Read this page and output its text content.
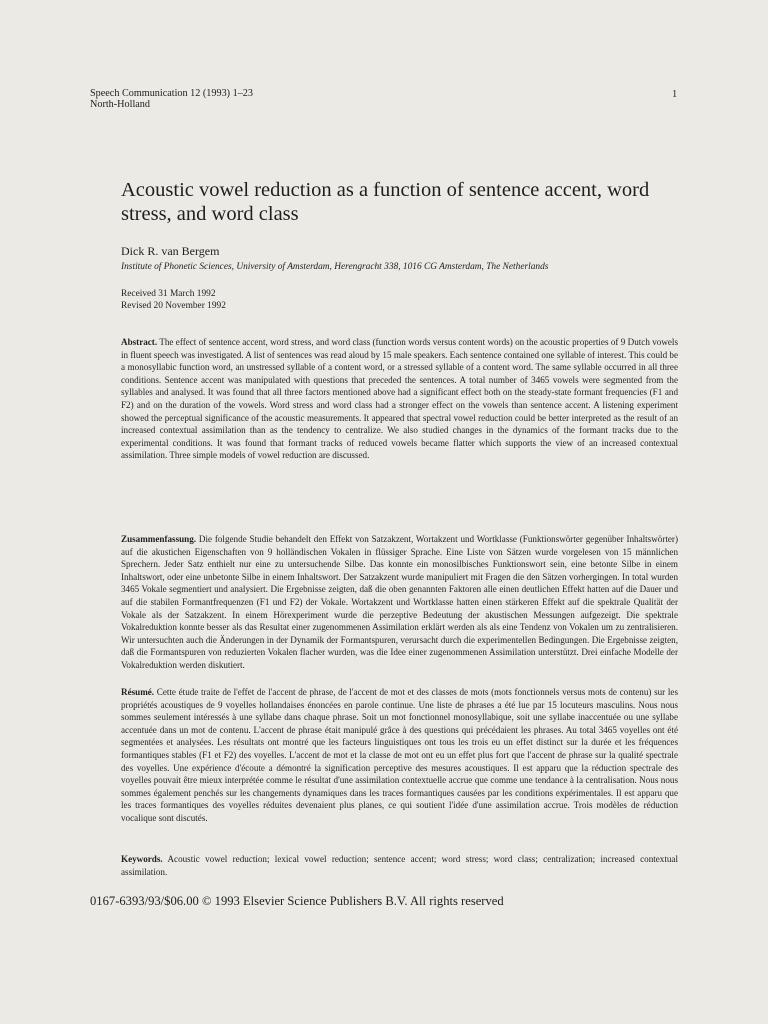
Speech Communication 12 (1993) 1–23
North-Holland
1
Acoustic vowel reduction as a function of sentence accent, word stress, and word class
Dick R. van Bergem
Institute of Phonetic Sciences, University of Amsterdam, Herengracht 338, 1016 CG Amsterdam, The Netherlands
Received 31 March 1992
Revised 20 November 1992
Abstract. The effect of sentence accent, word stress, and word class (function words versus content words) on the acoustic properties of 9 Dutch vowels in fluent speech was investigated. A list of sentences was read aloud by 15 male speakers. Each sentence contained one syllable of interest. This could be a monosyllabic function word, an unstressed syllable of a content word, or a stressed syllable of a content word. The same syllable occurred in all three conditions. Sentence accent was manipulated with questions that preceded the sentences. A total number of 3465 vowels were segmented from the syllables and analysed. It was found that all three factors mentioned above had a significant effect both on the steady-state formant frequencies (F1 and F2) and on the duration of the vowels. Word stress and word class had a stronger effect on the vowels than sentence accent. A listening experiment showed the perceptual significance of the acoustic measurements. It appeared that spectral vowel reduction could be better interpreted as the result of an increased contextual assimilation than as the tendency to centralize. We also studied changes in the dynamics of the formant tracks due to the experimental conditions. It was found that formant tracks of reduced vowels became flatter which supports the view of an increased contextual assimilation. Three simple models of vowel reduction are discussed.
Zusammenfassung. Die folgende Studie behandelt den Effekt von Satzakzent, Wortakzent und Wortklasse (Funktionswörter gegenüber Inhaltswörter) auf die akustichen Eigenschaften von 9 holländischen Vokalen in flüssiger Sprache. Eine Liste von Sätzen wurde vorgelesen von 15 männlichen Sprechern. Jeder Satz enthielt nur eine zu untersuchende Silbe. Das konnte ein monosilbisches Funktionswort sein, eine betonte Silbe in einem Inhaltswort, oder eine unbetonte Silbe in einem Inhaltswort. Der Satzakzent wurde manipuliert mit Fragen die den Sätzen vorhergingen. In total wurden 3465 Vokale segmentiert und analysiert. Die Ergebnisse zeigten, daß die oben genannten Faktoren alle einen deutlichen Effekt hatten auf die Dauer und auf die stabilen Formantfrequenzen (F1 und F2) der Vokale. Wortakzent und Wortklasse hatten einen stärkeren Effekt auf die spektrale Qualität der Vokale als der Satzakzent. In einem Hörexperiment wurde die perzeptive Bedeutung der akustischen Messungen aufgezeigt. Die spektrale Vokalreduktion konnte besser als das Resultat einer zugenommenen Assimilation erklärt werden als als eine Tendenz von Vokalen um zu zentralisieren. Wir untersuchten auch die Änderungen in der Dynamik der Formantspuren, verursacht durch die experimentellen Bedingungen. Die Ergebnisse zeigten, daß die Formantspuren von reduzierten Vokalen flacher wurden, was die Idee einer zugenommenen Assimilation unterstützt. Drei einfache Modelle der Vokalreduktion werden diskutiert.
Résumé. Cette étude traite de l'effet de l'accent de phrase, de l'accent de mot et des classes de mots (mots fonctionnels versus mots de contenu) sur les propriétés acoustiques de 9 voyelles hollandaises énoncées en parole continue. Une liste de phrases a été lue par 15 locuteurs masculins. Nous nous sommes seulement intéressés à une syllabe dans chaque phrase. Soit un mot fonctionnel monosyllabique, soit une syllabe inaccentuée ou une syllabe accentuée dans un mot de contenu. L'accent de phrase était manipulé grâce à des questions qui précédaient les phrases. Au total 3465 voyelles ont été segmentées et analysées. Les résultats ont montré que les facteurs linguistiques ont tous les trois eu un effet distinct sur la durée et les fréquences formantiques stables (F1 et F2) des voyelles. L'accent de mot et la classe de mot ont eu un effet plus fort que l'accent de phrase sur la qualité spectrale des voyelles. Une expérience d'écoute a démontré la signification perceptive des mesures acoustiques. Il est apparu que la réduction spectrale des voyelles pouvait être mieux interprétée comme le résultat d'une assimilation contextuelle accrue que comme une tendance à la centralisation. Nous nous sommes également penchés sur les changements dynamiques dans les traces formantiques causées par les conditions expérimentales. Il est apparu que les traces formantiques des voyelles réduites devenaient plus planes, ce qui soutient l'idée d'une assimilation accrue. Trois modèles de réduction vocalique sont discutés.
Keywords. Acoustic vowel reduction; lexical vowel reduction; sentence accent; word stress; word class; centralization; increased contextual assimilation.
0167-6393/93/$06.00 © 1993 Elsevier Science Publishers B.V. All rights reserved
